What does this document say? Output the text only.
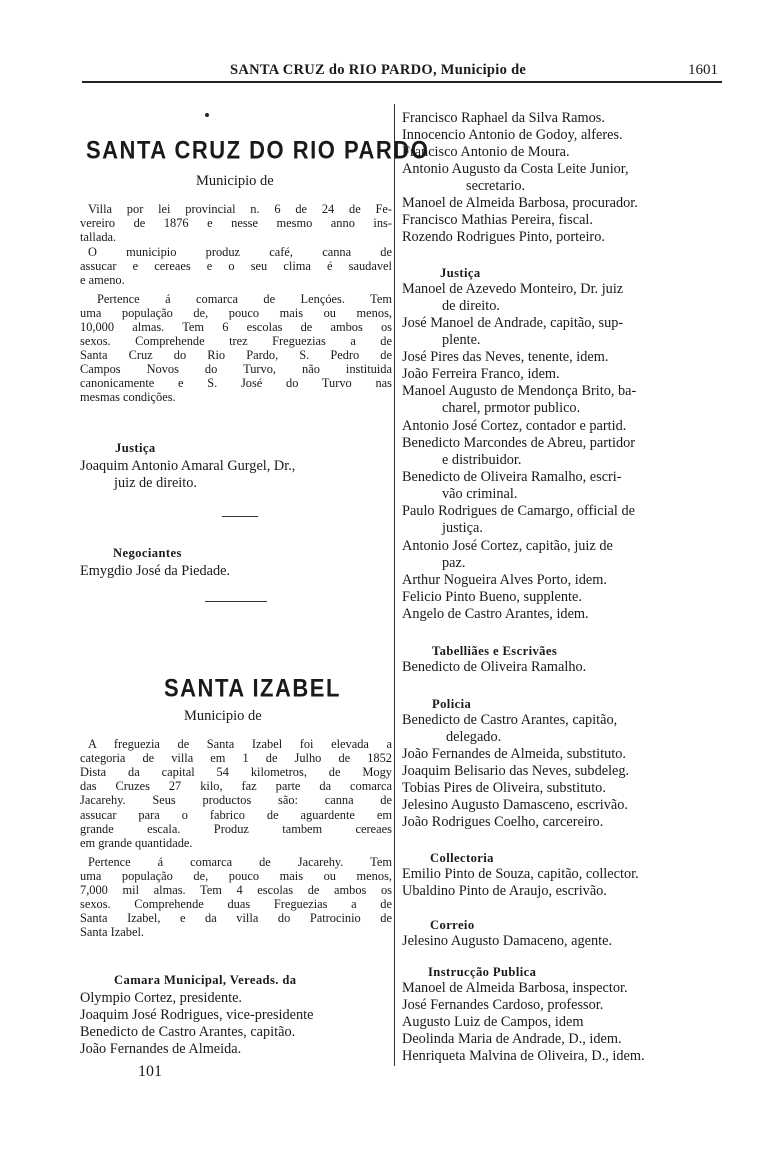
SANTA CRUZ do RIO PARDO, Municipio de	1601
SANTA CRUZ DO RIO PARDO
Municipio de
Villa por lei provincial n. 6 de 24 de Fe-
vereiro de 1876 e nesse mesmo anno ins-
tallada.
O municipio produz café, canna de
assucar e cereaes e o seu clima é saudavel
e ameno.
Pertence á comarca de Lençóes. Tem
uma população de, pouco mais ou menos,
10,000 almas. Tem 6 escolas de ambos os
sexos. Comprehende trez Freguezias a de
Santa Cruz do Rio Pardo, S. Pedro de
Campos Novos do Turvo, não instituida
canonicamente e S. José do Turvo nas
mesmas condições.
Justiça
Joaquim Antonio Amaral Gurgel, Dr.,
juiz de direito.
Negociantes
Emygdio José da Piedade.
SANTA IZABEL
Municipio de
A freguezia de Santa Izabel foi elevada a
categoria de villa em 1 de Julho de 1852
Dista da capital 54 kilometros, de Mogy
das Cruzes 27 kilo, faz parte da comarca
Jacarehy. Seus productos são: canna de
assucar para o fabrico de aguardente em
grande escala. Produz tambem cereaes
em grande quantidade.
Pertence á comarca de Jacarehy. Tem
uma população de, pouco mais ou menos,
7,000 mil almas. Tem 4 escolas de ambos os
sexos. Comprehende duas Freguezias a de
Santa Izabel, e da villa do Patrocinio de
Santa Izabel.
Camara Municipal, Vereads. da
Olympio Cortez, presidente.
Joaquim José Rodrigues, vice-presidente
Benedicto de Castro Arantes, capitão.
João Fernandes de Almeida.
101
Francisco Raphael da Silva Ramos.
Innocencio Antonio de Godoy, alferes.
Francisco Antonio de Moura.
Antonio Augusto da Costa Leite Junior,
secretario.
Manoel de Almeida Barbosa, procurador.
Francisco Mathias Pereira, fiscal.
Rozendo Rodrigues Pinto, porteiro.
Justiça
Manoel de Azevedo Monteiro, Dr. juiz
de direito.
José Manoel de Andrade, capitão, sup-
plente.
José Pires das Neves, tenente, idem.
João Ferreira Franco, idem.
Manoel Augusto de Mendonça Brito, ba-
charel, prmotor publico.
Antonio José Cortez, contador e partid.
Benedicto Marcondes de Abreu, partidor
e distribuidor.
Benedicto de Oliveira Ramalho, escri-
vão criminal.
Paulo Rodrigues de Camargo, official de
justiça.
Antonio José Cortez, capitão, juiz de
paz.
Arthur Nogueira Alves Porto, idem.
Felicio Pinto Bueno, supplente.
Angelo de Castro Arantes, idem.
Tabelliães e Escrivães
Benedicto de Oliveira Ramalho.
Policia
Benedicto de Castro Arantes, capitão,
delegado.
João Fernandes de Almeida, substituto.
Joaquim Belisario das Neves, subdeleg.
Tobias Pires de Oliveira, substituto.
Jelesino Augusto Damasceno, escrivão.
João Rodrigues Coelho, carcereiro.
Collectoria
Emilio Pinto de Souza, capitão, collector.
Ubaldino Pinto de Araujo, escrivão.
Correio
Jelesino Augusto Damaceno, agente.
Instrucção Publica
Manoel de Almeida Barbosa, inspector.
José Fernandes Cardoso, professor.
Augusto Luiz de Campos, idem
Deolinda Maria de Andrade, D., idem.
Henriqueta Malvina de Oliveira, D., idem.
